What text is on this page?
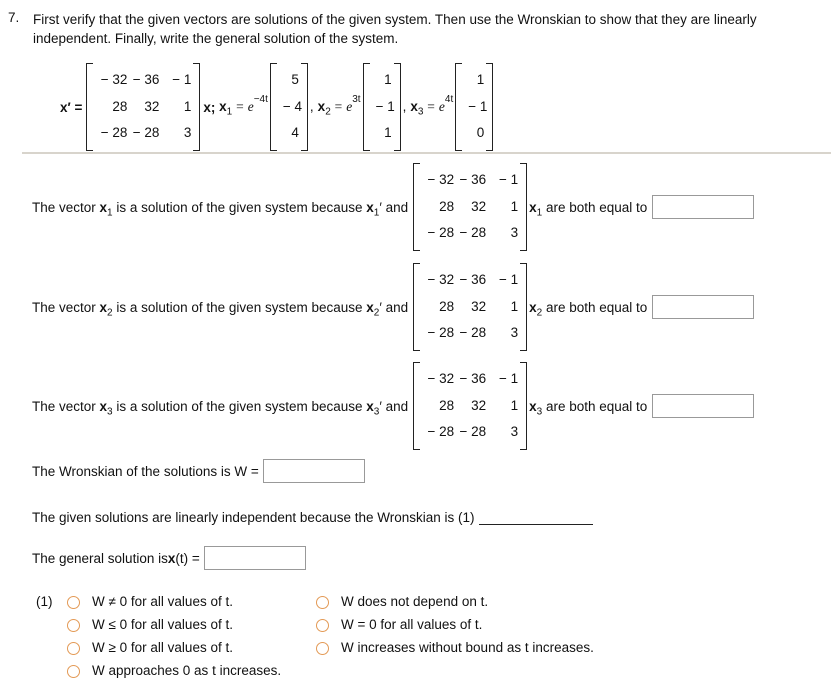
7. First verify that the given vectors are solutions of the given system. Then use the Wronskian to show that they are linearly independent. Finally, write the general solution of the system.
x′ =
− 32 − 36 − 1
28	32	1
− 28 − 28	3
x; $x_1 = e^{-4t}$
5
− 4
4
, $x_2 = e^{3t}$
1
− 1
1
, $x_3 = e^{4t}$
1
− 1
0
The vector $x_1$ is a solution of the given system because $x_1'$ and
− 32 − 36 − 1
28	32	1
− 28 − 28	3
$x_1$ are both equal to
The vector $x_2$ is a solution of the given system because $x_2'$ and
− 32 − 36 − 1
28	32	1
− 28 − 28	3
$x_2$ are both equal to
The vector $x_3$ is a solution of the given system because $x_3'$ and
− 32 − 36 − 1
28	32	1
− 28 − 28	3
$x_3$ are both equal to
The Wronskian of the solutions is W =
The given solutions are linearly independent because the Wronskian is (1)
The general solution is x (t) =
(1)	W ≠ 0 for all values of t.
W ≤ 0 for all values of t.
W ≥ 0 for all values of t.
W approaches 0 as t increases.
W does not depend on t.
W = 0 for all values of t.
W increases without bound as t increases.
